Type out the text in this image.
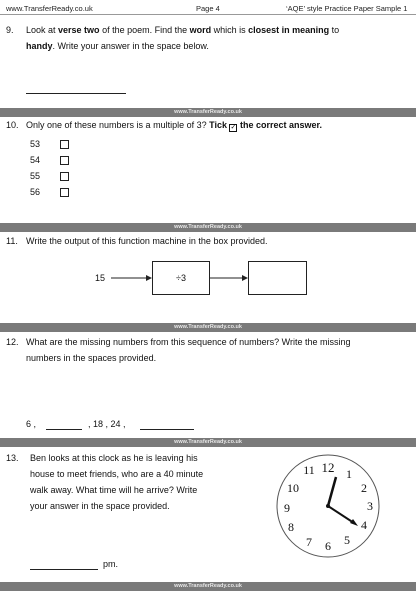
www.TransferReady.co.uk	Page 4	‘AQE’ style Practice Paper Sample 1
9. Look at verse two of the poem. Find the word which is closest in meaning to
handy. Write your answer in the space below.
www.TransferReady.co.uk
10. Only one of these numbers is a multiple of 3? Tick ✓ the correct answer.
53
54
55
56
www.TransferReady.co.uk
11. Write the output of this function machine in the box provided.
15	÷3
www.TransferReady.co.uk
12. What are the missing numbers from this sequence of numbers? Write the missing
numbers in the spaces provided.
6 ,	, 18 , 24 ,
www.TransferReady.co.uk
13. Ben looks at this clock as he is leaving his
house to meet friends, who are a 40 minute
walk away. What time will he arrive? Write
your answer in the space provided.
pm.
12 1
2
3
4
5
6
7
8
9
10
11
www.TransferReady.co.uk
